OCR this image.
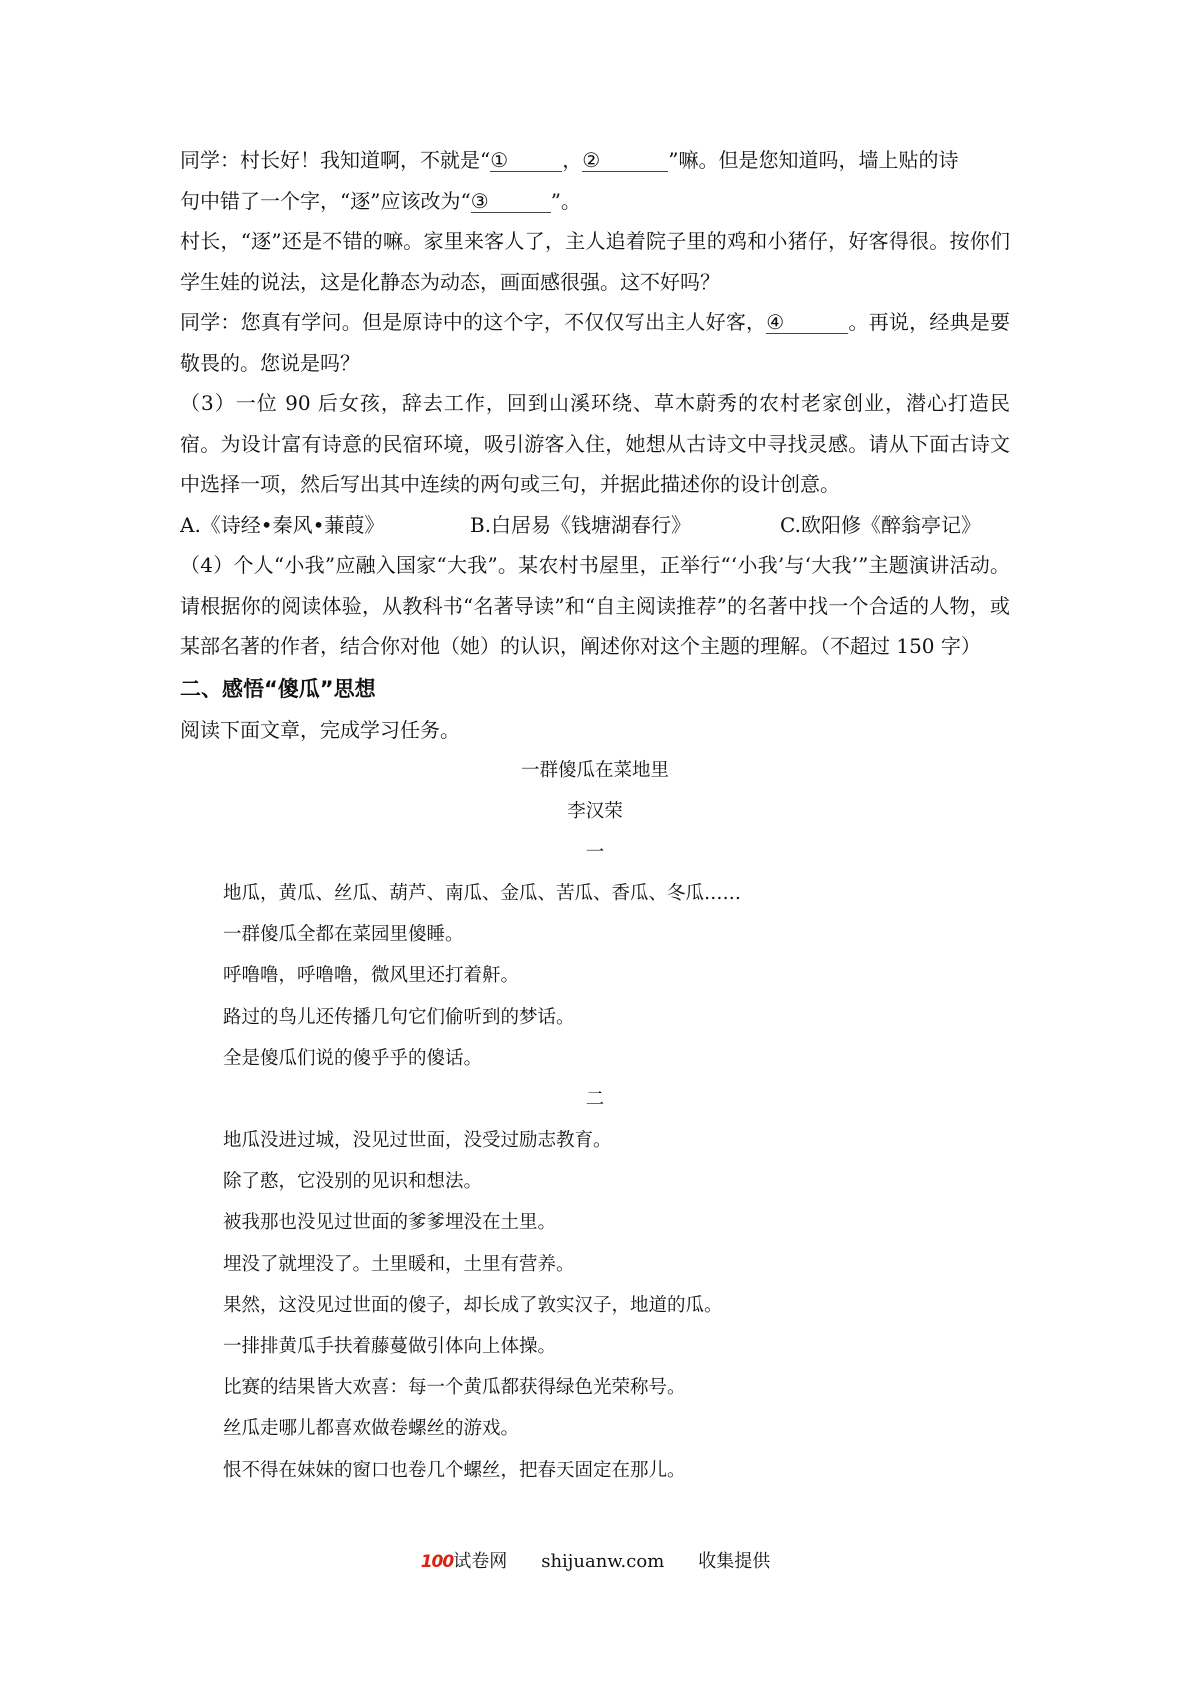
同学：村长好！我知道啊，不就是“①	，②	”嘛。但是您知道吗，墙上贴的诗
句中错了一个字，“逐”应该改为“③	”。

村长，“逐”还是不错的嘛。家里来客人了，主人追着院子里的鸡和小猪仔，好客得很。按你们学生娃的说法，这是化静态为动态，画面感很强。这不好吗？

同学：您真有学问。但是原诗中的这个字，不仅仅写出主人好客，④	。再说，经典是要敬畏的。您说是吗？

（3）一位 90 后女孩，辞去工作，回到山溪环绕、草木蔚秀的农村老家创业，潜心打造民宿。为设计富有诗意的民宿环境，吸引游客入住，她想从古诗文中寻找灵感。请从下面古诗文中选择一项，然后写出其中连续的两句或三句，并据此描述你的设计创意。

A.《诗经•秦风•蒹葭》	B.白居易《钱塘湖春行》	C.欧阳修《醉翁亭记》

（4）个人“小我”应融入国家“大我”。某农村书屋里，正举行“‘小我’与‘大我’”主题演讲活动。请根据你的阅读体验，从教科书“名著导读”和“自主阅读推荐”的名著中找一个合适的人物，或某部名著的作者，结合你对他（她）的认识，阐述你对这个主题的理解。（不超过 150 字）

二、感悟“傻瓜”思想

阅读下面文章，完成学习任务。

一群傻瓜在菜地里

李汉荣

一

地瓜，黄瓜、丝瓜、葫芦、南瓜、金瓜、苦瓜、香瓜、冬瓜……

一群傻瓜全都在菜园里傻睡。

呼噜噜，呼噜噜，微风里还打着鼾。

路过的鸟儿还传播几句它们偷听到的梦话。

全是傻瓜们说的傻乎乎的傻话。

二

地瓜没进过城，没见过世面，没受过励志教育。

除了憨，它没别的见识和想法。

被我那也没见过世面的爹爹埋没在土里。

埋没了就埋没了。土里暖和，土里有营养。

果然，这没见过世面的傻子，却长成了敦实汉子，地道的瓜。

一排排黄瓜手扶着藤蔓做引体向上体操。

比赛的结果皆大欢喜：每一个黄瓜都获得绿色光荣称号。

丝瓜走哪儿都喜欢做卷螺丝的游戏。

恨不得在妹妹的窗口也卷几个螺丝，把春天固定在那儿。

100试卷网 shijuanw.com 收集提供
